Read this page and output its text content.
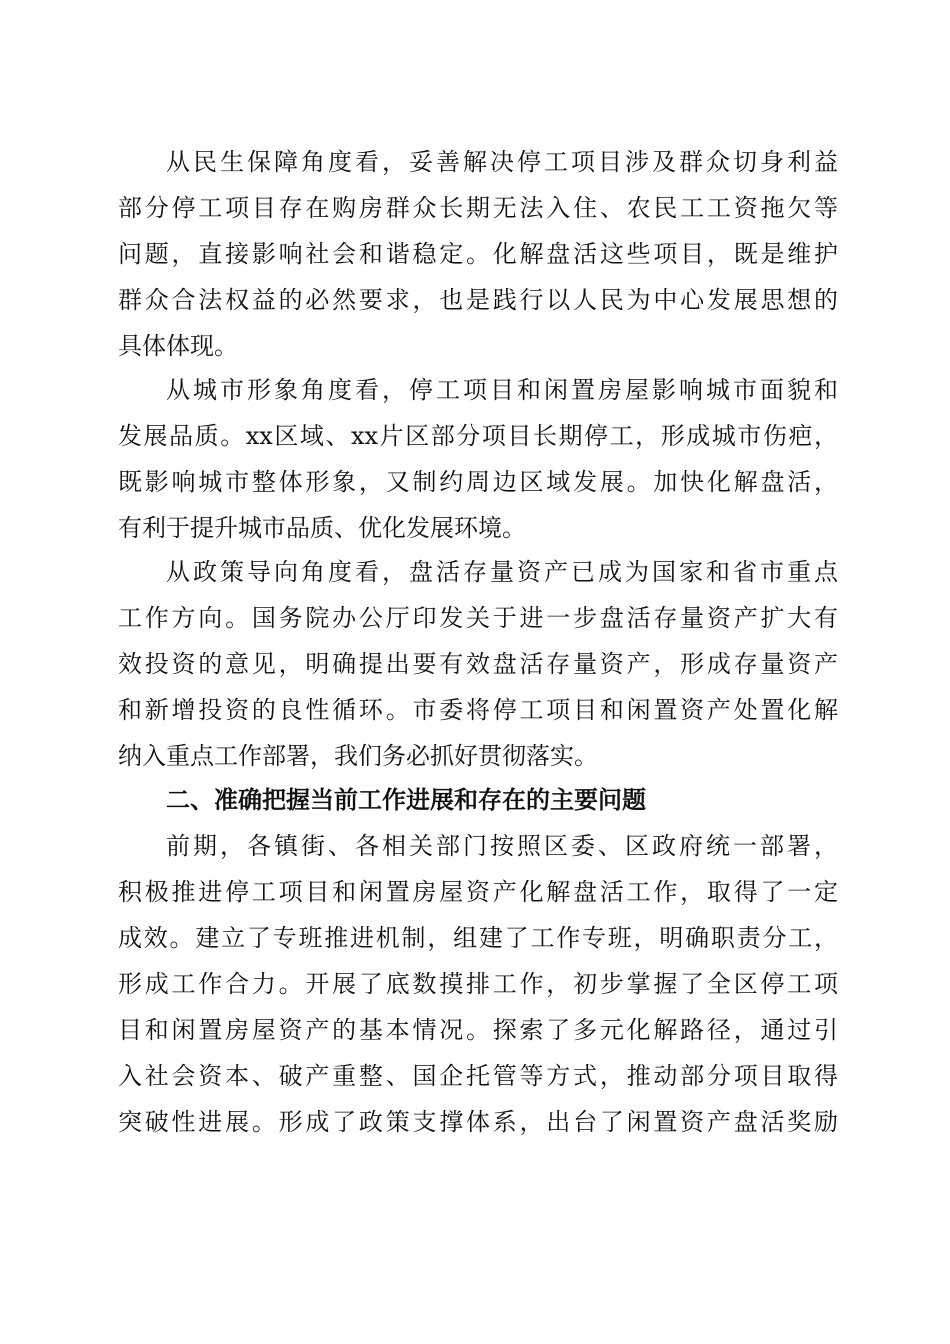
从民生保障角度看，妥善解决停工项目涉及群众切身利益
部分停工项目存在购房群众长期无法入住、农民工工资拖欠等
问题，直接影响社会和谐稳定。化解盘活这些项目，既是维护
群众合法权益的必然要求，也是践行以人民为中心发展思想的
具体体现。
从城市形象角度看，停工项目和闲置房屋影响城市面貌和
发展品质。xx区域、xx片区部分项目长期停工，形成城市伤疤，
既影响城市整体形象，又制约周边区域发展。加快化解盘活，
有利于提升城市品质、优化发展环境。
从政策导向角度看，盘活存量资产已成为国家和省市重点
工作方向。国务院办公厅印发关于进一步盘活存量资产扩大有
效投资的意见，明确提出要有效盘活存量资产，形成存量资产
和新增投资的良性循环。市委将停工项目和闲置资产处置化解
纳入重点工作部署，我们务必抓好贯彻落实。
二、准确把握当前工作进展和存在的主要问题
前期，各镇街、各相关部门按照区委、区政府统一部署，
积极推进停工项目和闲置房屋资产化解盘活工作，取得了一定
成效。建立了专班推进机制，组建了工作专班，明确职责分工，
形成工作合力。开展了底数摸排工作，初步掌握了全区停工项
目和闲置房屋资产的基本情况。探索了多元化解路径，通过引
入社会资本、破产重整、国企托管等方式，推动部分项目取得
突破性进展。形成了政策支撑体系，出台了闲置资产盘活奖励
